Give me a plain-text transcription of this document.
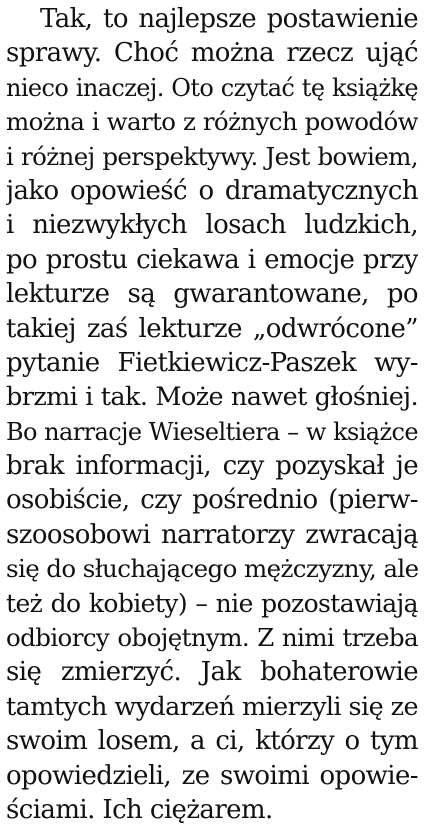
Tak, to najlepsze postawienie
sprawy. Choć można rzecz ująć
nieco inaczej. Oto czytać tę książkę
można i warto z różnych powodów
i różnej perspektywy. Jest bowiem,
jako opowieść o dramatycznych
i niezwykłych losach ludzkich,
po prostu ciekawa i emocje przy
lekturze są gwarantowane, po
takiej zaś lekturze „odwrócone”
pytanie Fietkiewicz-Paszek wy-
brzmi i tak. Może nawet głośniej.
Bo narracje Wieseltiera – w książce
brak informacji, czy pozyskał je
osobiście, czy pośrednio (pierw-
szoosobowi narratorzy zwracają
się do słuchającego mężczyzny, ale
też do kobiety) – nie pozostawiają
odbiorcy obojętnym. Z nimi trzeba
się zmierzyć. Jak bohaterowie
tamtych wydarzeń mierzyli się ze
swoim losem, a ci, którzy o tym
opowiedzieli, ze swoimi opowie-
ściami. Ich ciężarem.
